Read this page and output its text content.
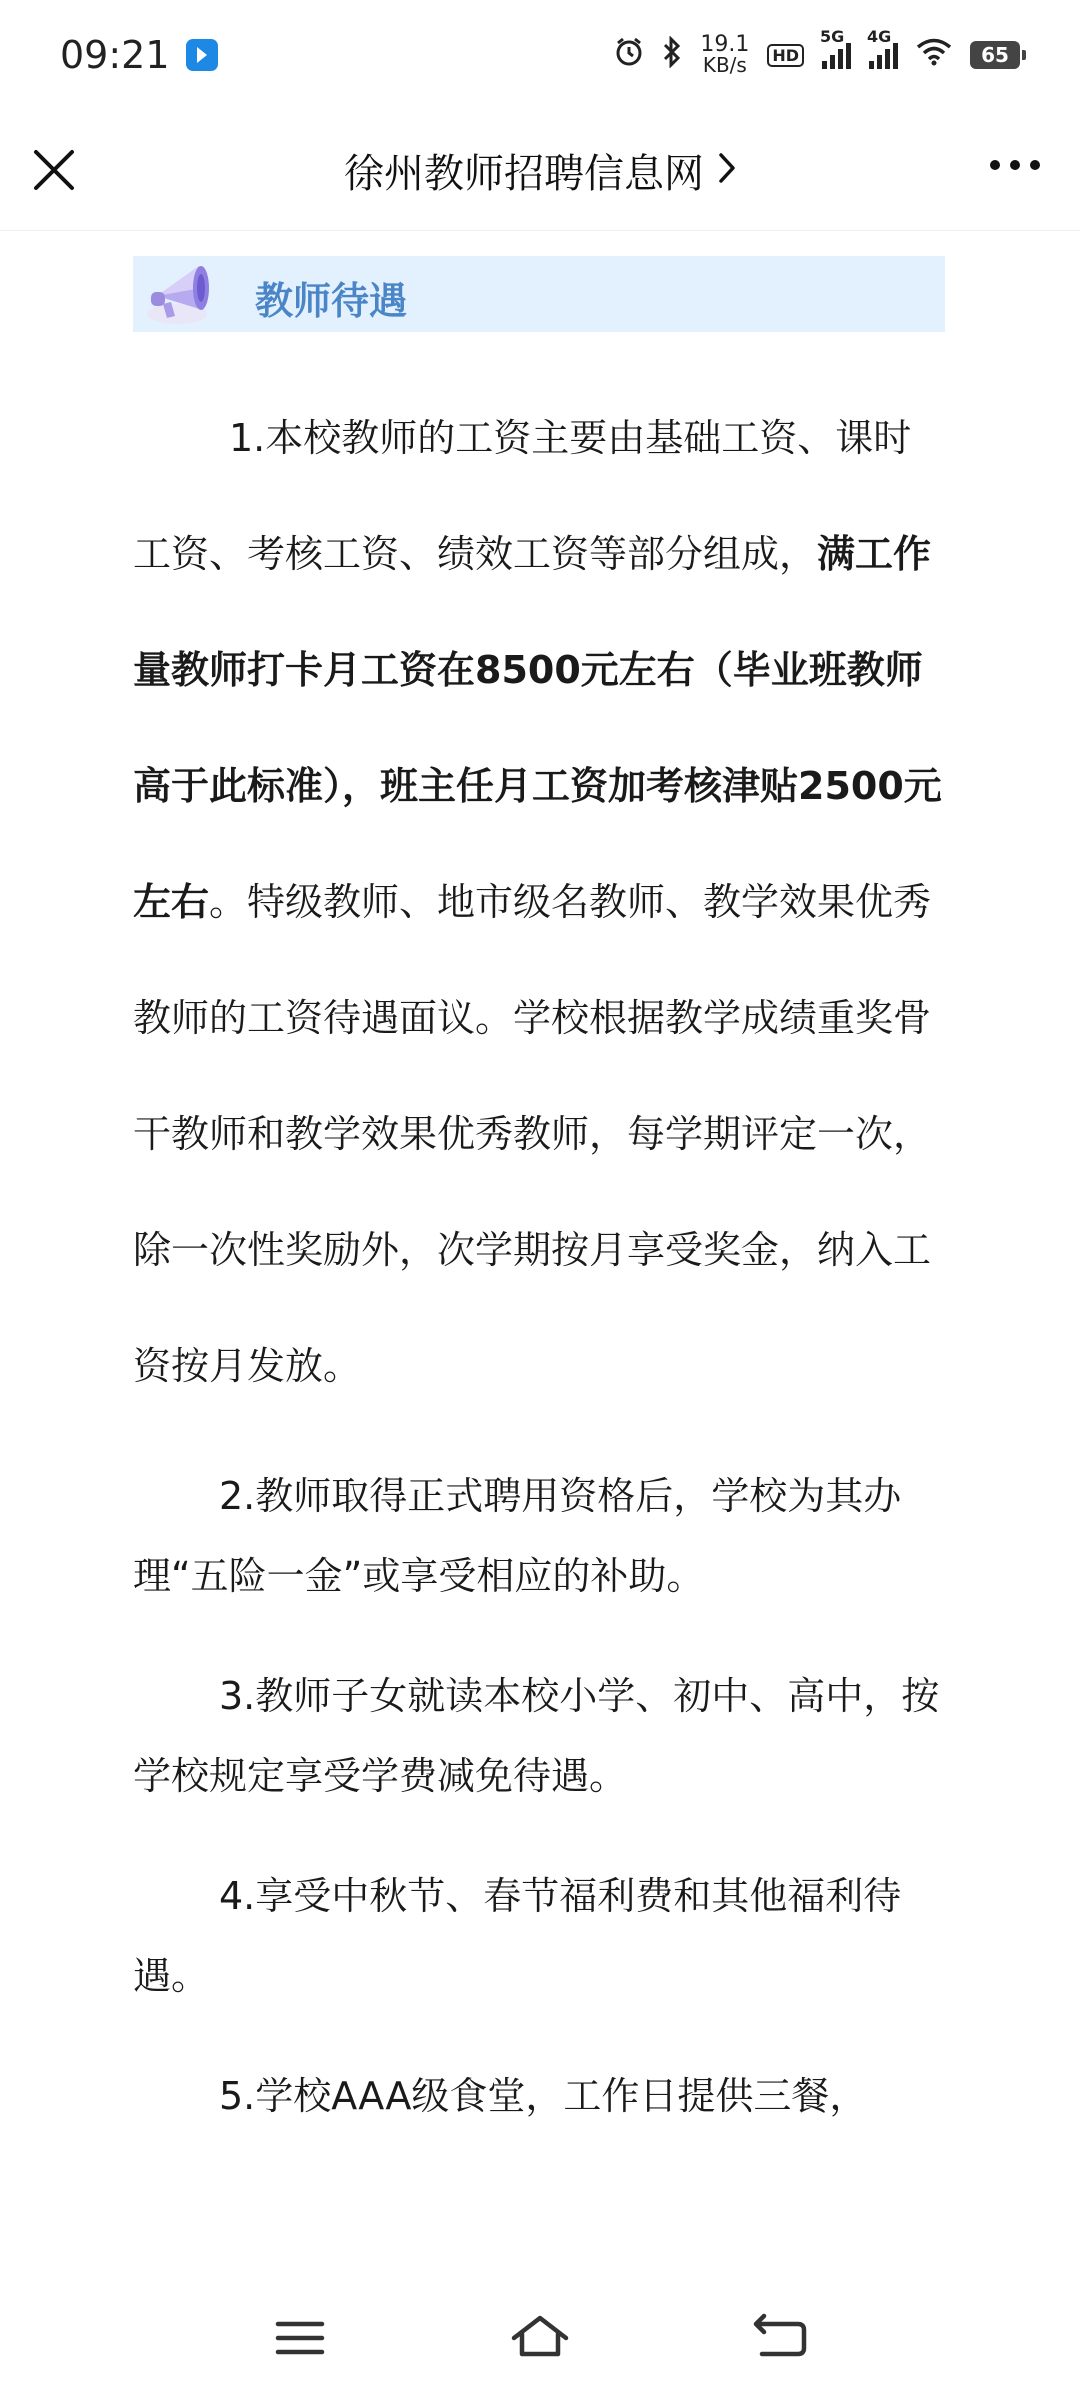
09:21	19.1
KB/s	HD
5G 4G
65
徐州教师招聘信息网
教师待遇

1.本校教师的工资主要由基础工资、课时工资、考核工资、绩效工资等部分组成，满工作量教师打卡月工资在8500元左右（毕业班教师高于此标准），班主任月工资加考核津贴2500元左右。特级教师、地市级名教师、教学效果优秀教师的工资待遇面议。学校根据教学成绩重奖骨干教师和教学效果优秀教师，每学期评定一次，除一次性奖励外，次学期按月享受奖金，纳入工资按月发放。

2.教师取得正式聘用资格后，学校为其办理“五险一金”或享受相应的补助。

3.教师子女就读本校小学、初中、高中，按学校规定享受学费减免待遇。

4.享受中秋节、春节福利费和其他福利待遇。

5.学校AAA级食堂，工作日提供三餐，
